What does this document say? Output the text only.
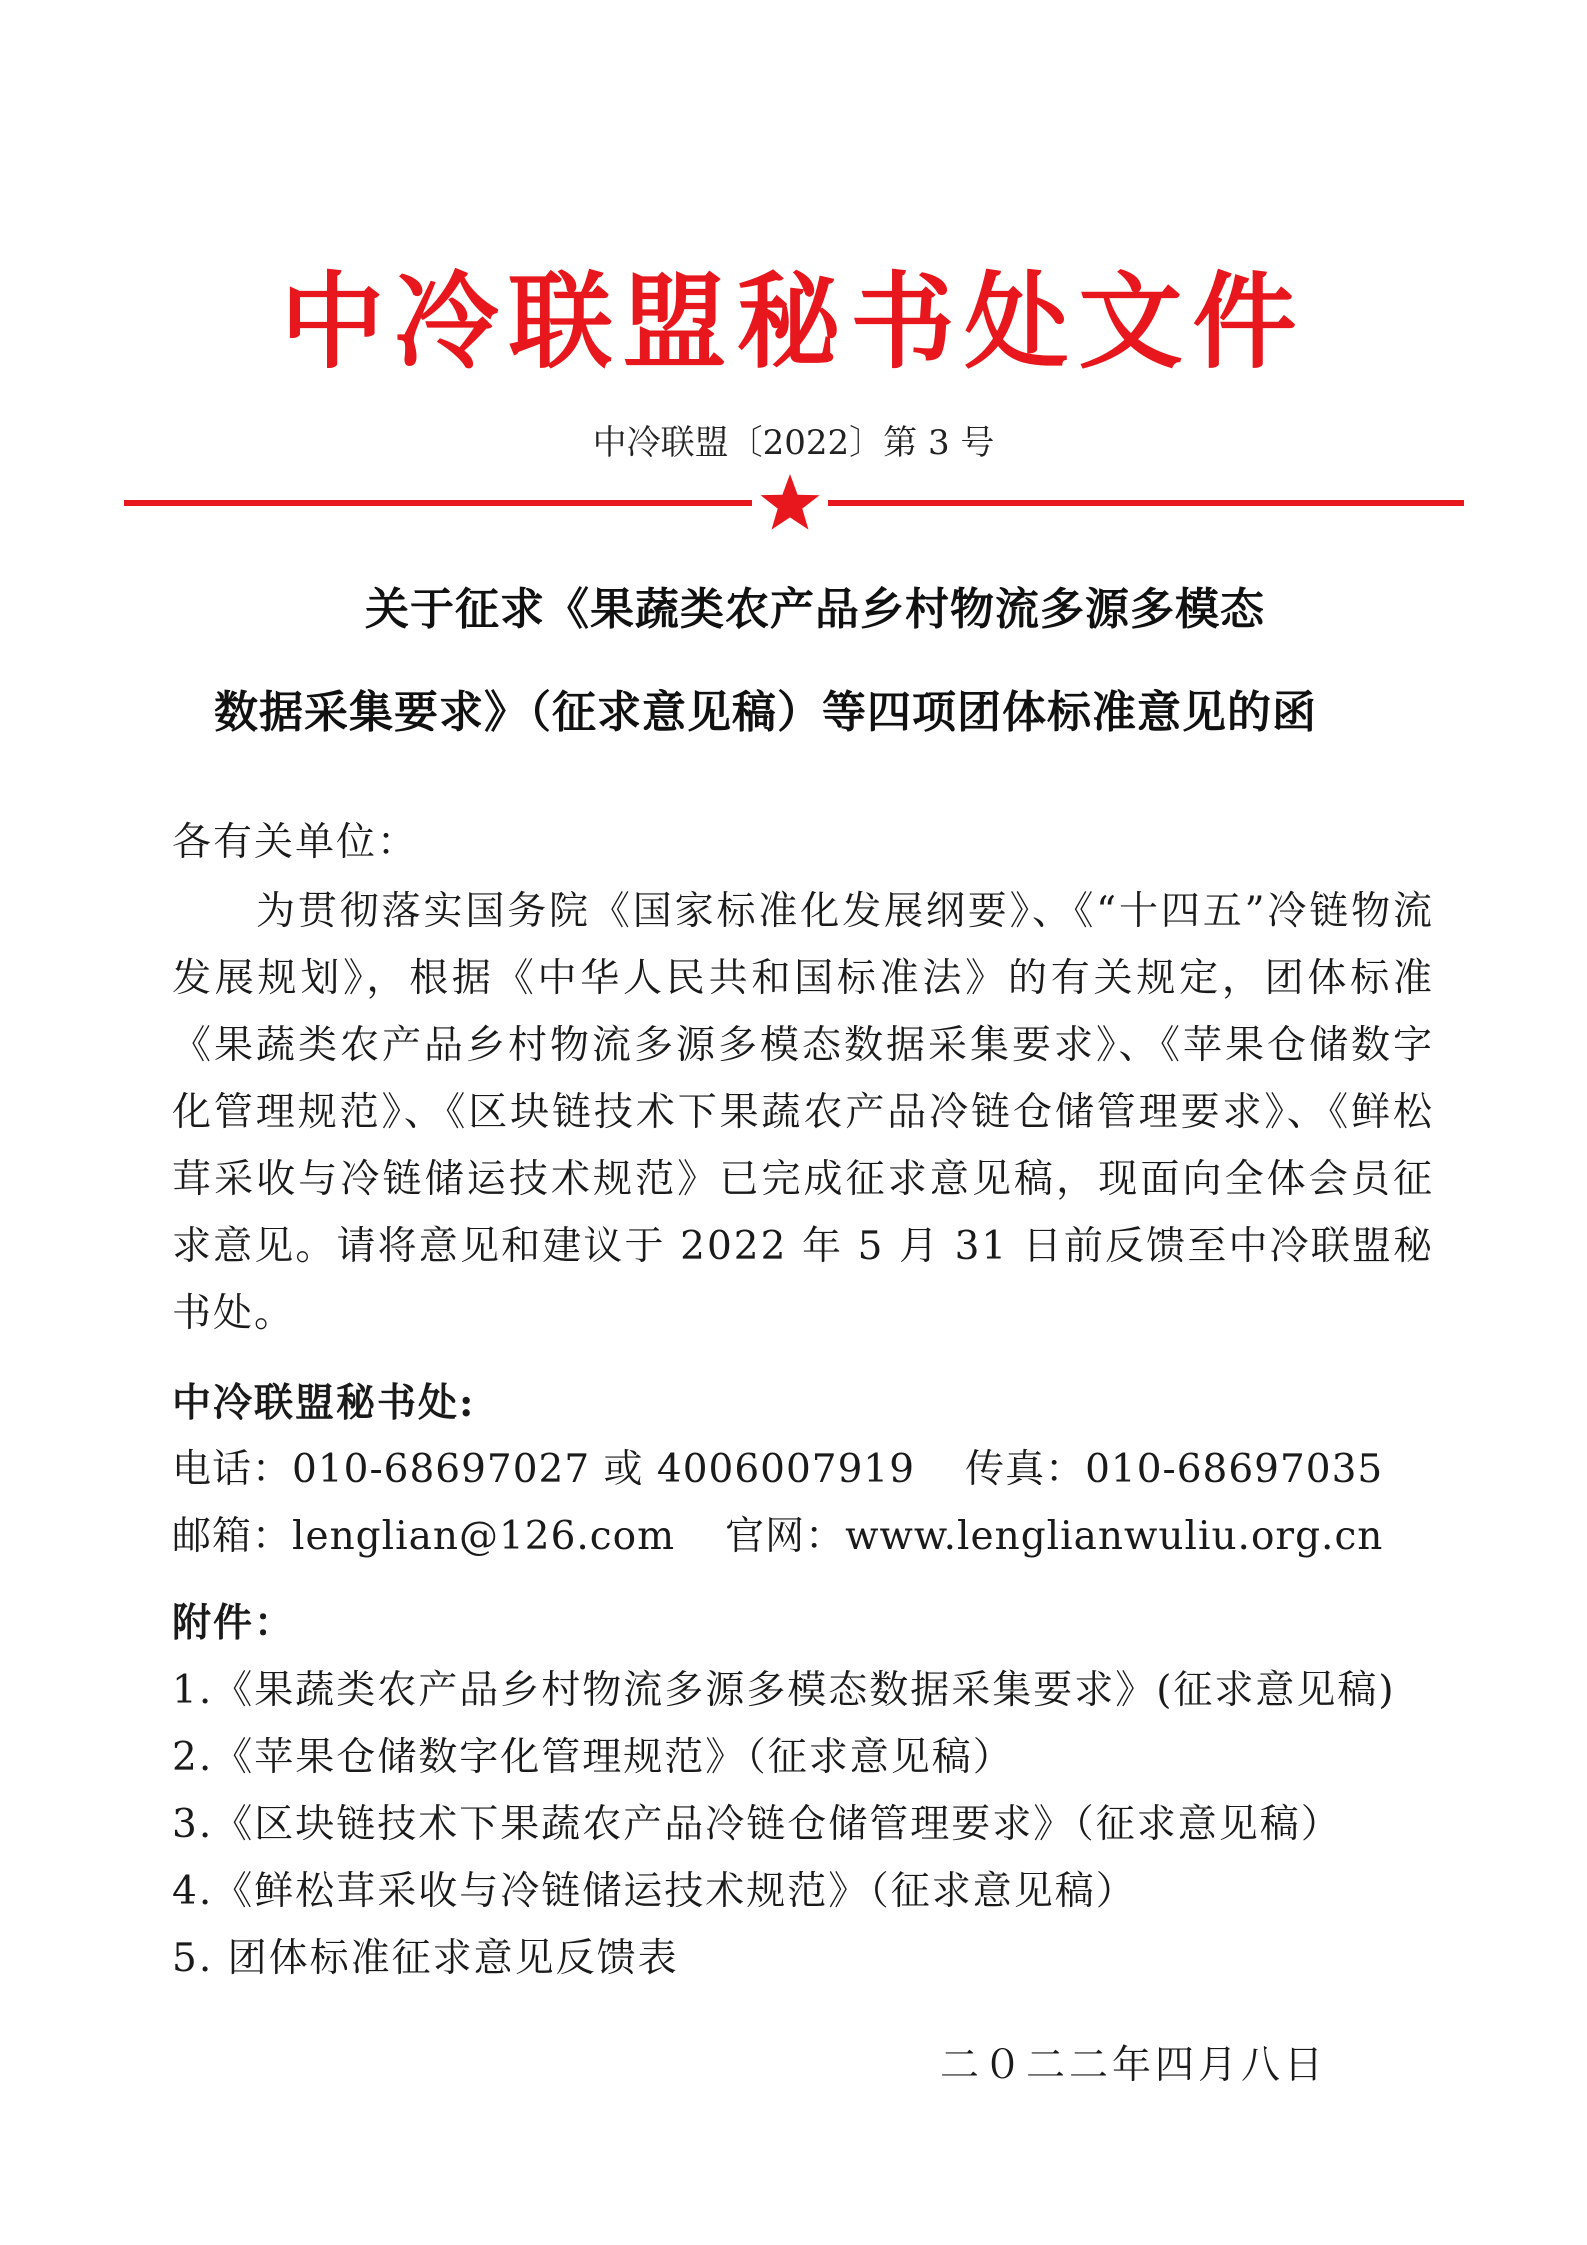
中冷联盟秘书处文件
中冷联盟〔2022〕第 3 号
关于征求《果蔬类农产品乡村物流多源多模态
数据采集要求》（征求意见稿）等四项团体标准意见的函
各有关单位：
为贯彻落实国务院《国家标准化发展纲要》、《“十四五”冷链物流发展规划》，根据《中华人民共和国标准法》的有关规定，团体标准《果蔬类农产品乡村物流多源多模态数据采集要求》、《苹果仓储数字化管理规范》、《区块链技术下果蔬农产品冷链仓储管理要求》、《鲜松茸采收与冷链储运技术规范》已完成征求意见稿，现面向全体会员征求意见。请将意见和建议于 2022 年 5 月 31 日前反馈至中冷联盟秘书处。
中冷联盟秘书处:
电话：010-68697027 或 4006007919 传真：010-68697035
邮箱：lenglian@126.com 官网：www.lenglianwuliu.org.cn
附件：
1.《果蔬类农产品乡村物流多源多模态数据采集要求》(征求意见稿)
2.《苹果仓储数字化管理规范》（征求意见稿）
3.《区块链技术下果蔬农产品冷链仓储管理要求》（征求意见稿）
4.《鲜松茸采收与冷链储运技术规范》（征求意见稿）
5. 团体标准征求意见反馈表
二０二二年四月八日
